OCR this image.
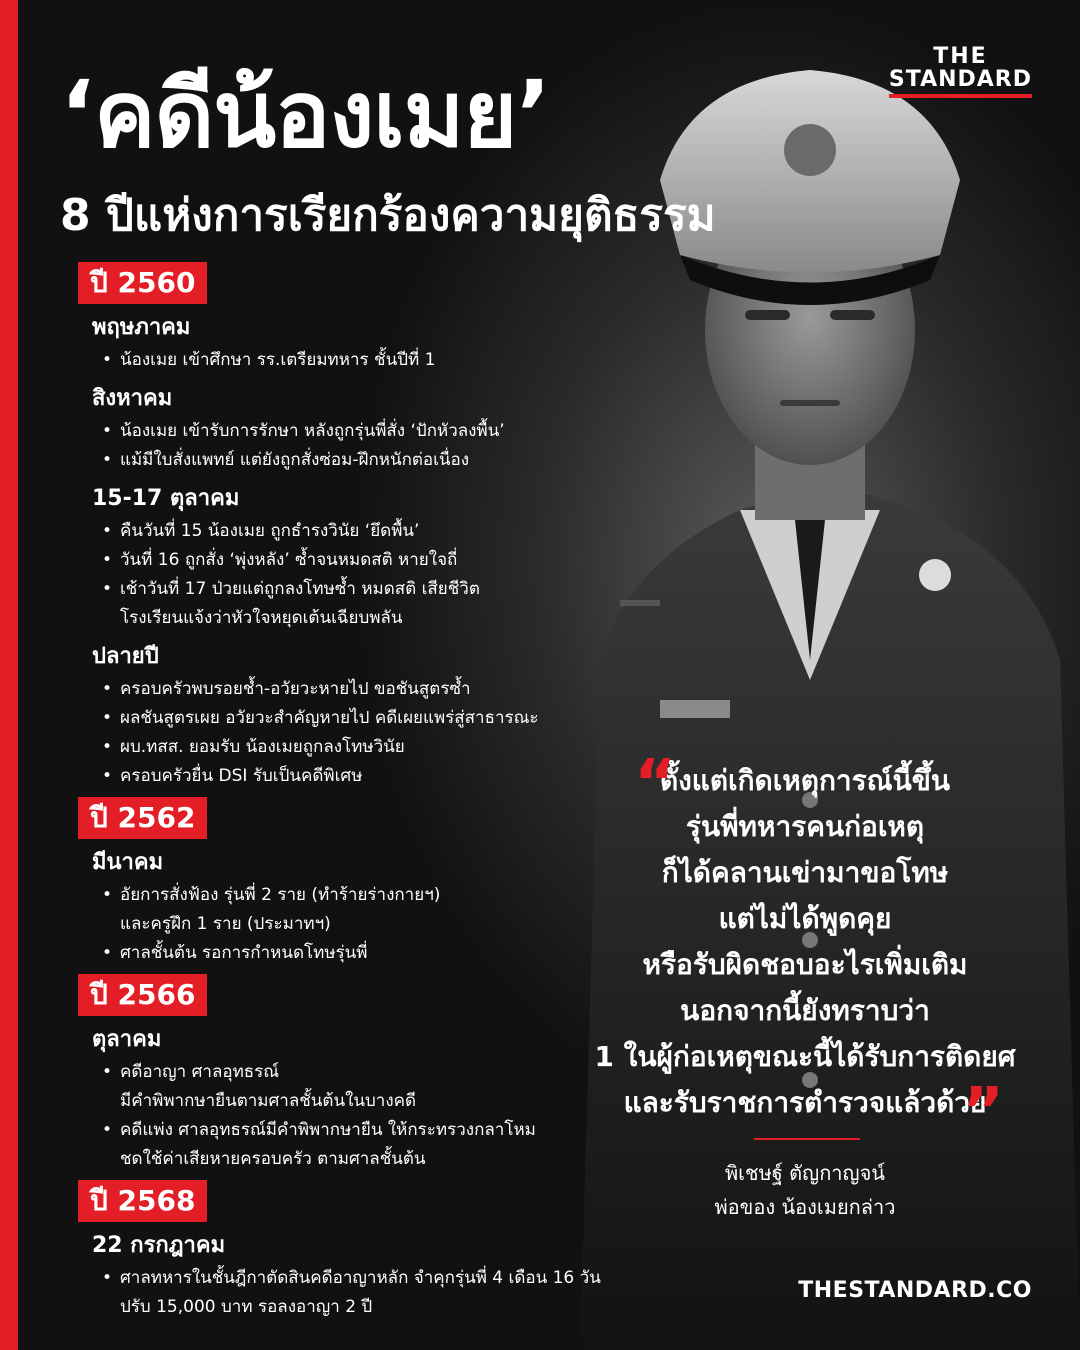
THE
STANDARD
‘คดีน้องเมย’
8 ปีแห่งการเรียกร้องความยุติธรรม
ปี 2560
พฤษภาคม
• น้องเมย เข้าศึกษา รร.เตรียมทหาร ชั้นปีที่ 1
สิงหาคม
• น้องเมย เข้ารับการรักษา หลังถูกรุ่นพี่สั่ง ‘ปักหัวลงพื้น’
• แม้มีใบสั่งแพทย์ แต่ยังถูกสั่งซ่อม-ฝึกหนักต่อเนื่อง
15-17 ตุลาคม
• คืนวันที่ 15 น้องเมย ถูกธำรงวินัย ‘ยึดพื้น’
• วันที่ 16 ถูกสั่ง ‘พุ่งหลัง’ ซ้ำจนหมดสติ หายใจถี่
• เช้าวันที่ 17 ป่วยแต่ถูกลงโทษซ้ำ หมดสติ เสียชีวิต
โรงเรียนแจ้งว่าหัวใจหยุดเต้นเฉียบพลัน
ปลายปี
• ครอบครัวพบรอยช้ำ-อวัยวะหายไป ขอชันสูตรซ้ำ
• ผลชันสูตรเผย อวัยวะสำคัญหายไป คดีเผยแพร่สู่สาธารณะ
• ผบ.ทสส. ยอมรับ น้องเมยถูกลงโทษวินัย
• ครอบครัวยื่น DSI รับเป็นคดีพิเศษ
ปี 2562
มีนาคม
• อัยการสั่งฟ้อง รุ่นพี่ 2 ราย (ทำร้ายร่างกายฯ)
และครูฝึก 1 ราย (ประมาทฯ)
• ศาลชั้นต้น รอการกำหนดโทษรุ่นพี่
ปี 2566
ตุลาคม
• คดีอาญา ศาลอุทธรณ์
มีคำพิพากษายืนตามศาลชั้นต้นในบางคดี
• คดีแพ่ง ศาลอุทธรณ์มีคำพิพากษายืน ให้กระทรวงกลาโหม
ชดใช้ค่าเสียหายครอบครัว ตามศาลชั้นต้น
ปี 2568
22 กรกฎาคม
• ศาลทหารในชั้นฎีกาตัดสินคดีอาญาหลัก จำคุกรุ่นพี่ 4 เดือน 16 วัน
ปรับ 15,000 บาท รอลงอาญา 2 ปี
“
ตั้งแต่เกิดเหตุการณ์นี้ขึ้น
รุ่นพี่ทหารคนก่อเหตุ
ก็ได้คลานเข่ามาขอโทษ
แต่ไม่ได้พูดคุย
หรือรับผิดชอบอะไรเพิ่มเติม
นอกจากนี้ยังทราบว่า
1 ในผู้ก่อเหตุขณะนี้ได้รับการติดยศ
และรับราชการตำรวจแล้วด้วย
”
พิเชษฐ์ ตัญกาญจน์
พ่อของ น้องเมยกล่าว
THESTANDARD.CO
